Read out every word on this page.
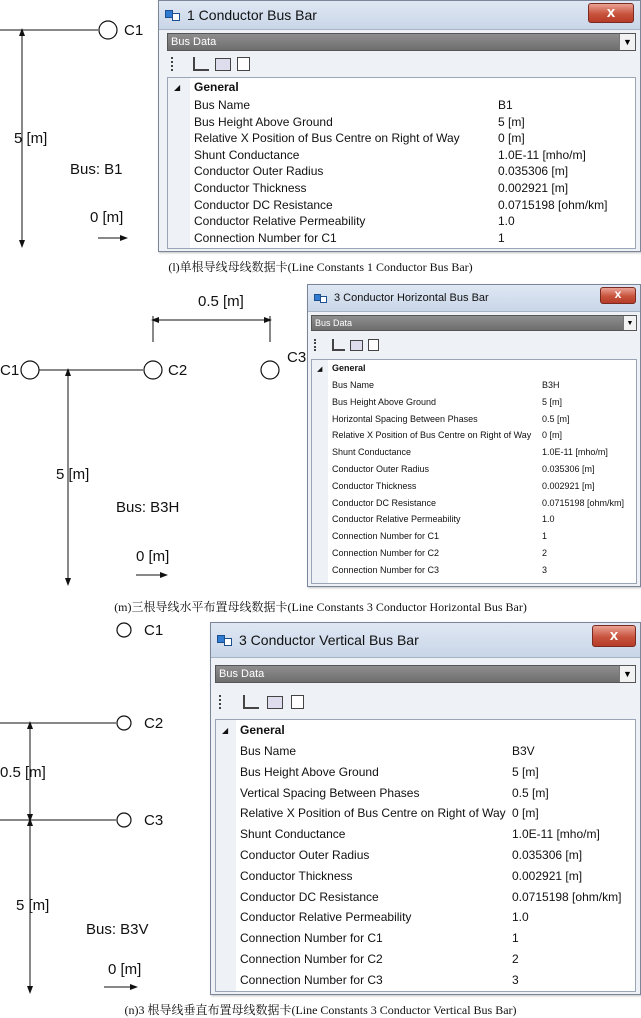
C1
5 [m]
Bus: B1
0 [m]
0.5 [m]
C1	C2
C3
5 [m]
Bus: B3H
0 [m]
C1
C2
C3
0.5 [m]
5 [m]
Bus: B3V
0 [m]
1 Conductor Bus Bar	X
Bus Data	▼
◢ General
Bus Name	B1
Bus Height Above Ground	5 [m]
Relative X Position of Bus Centre on Right of Way	0 [m]
Shunt Conductance	1.0E-11 [mho/m]
Conductor Outer Radius	0.035306 [m]
Conductor Thickness	0.002921 [m]
Conductor DC Resistance	0.0715198 [ohm/km]
Conductor Relative Permeability	1.0
Connection Number for C1	1
(l)单根导线母线数据卡(Line Constants 1 Conductor Bus Bar)
3 Conductor Horizontal Bus Bar	X
Bus Data	▼
◢ General
Bus Name	B3H
Bus Height Above Ground	5 [m]
Horizontal Spacing Between Phases	0.5 [m]
Relative X Position of Bus Centre on Right of Way 0 [m]
Shunt Conductance	1.0E-11 [mho/m]
Conductor Outer Radius	0.035306 [m]
Conductor Thickness	0.002921 [m]
Conductor DC Resistance	0.0715198 [ohm/km]
Conductor Relative Permeability	1.0
Connection Number for C1	1
Connection Number for C2	2
Connection Number for C3	3
(m)三根导线水平布置母线数据卡(Line Constants 3 Conductor Horizontal Bus Bar)
3 Conductor Vertical Bus Bar	X
Bus Data	▼
◢ General
Bus Name	B3V
Bus Height Above Ground	5 [m]
Vertical Spacing Between Phases	0.5 [m]
Relative X Position of Bus Centre on Right of Way 0 [m]
Shunt Conductance	1.0E-11 [mho/m]
Conductor Outer Radius	0.035306 [m]
Conductor Thickness	0.002921 [m]
Conductor DC Resistance	0.0715198 [ohm/km]
Conductor Relative Permeability	1.0
Connection Number for C1	1
Connection Number for C2	2
Connection Number for C3	3
(n)3 根导线垂直布置母线数据卡(Line Constants 3 Conductor Vertical Bus Bar)
